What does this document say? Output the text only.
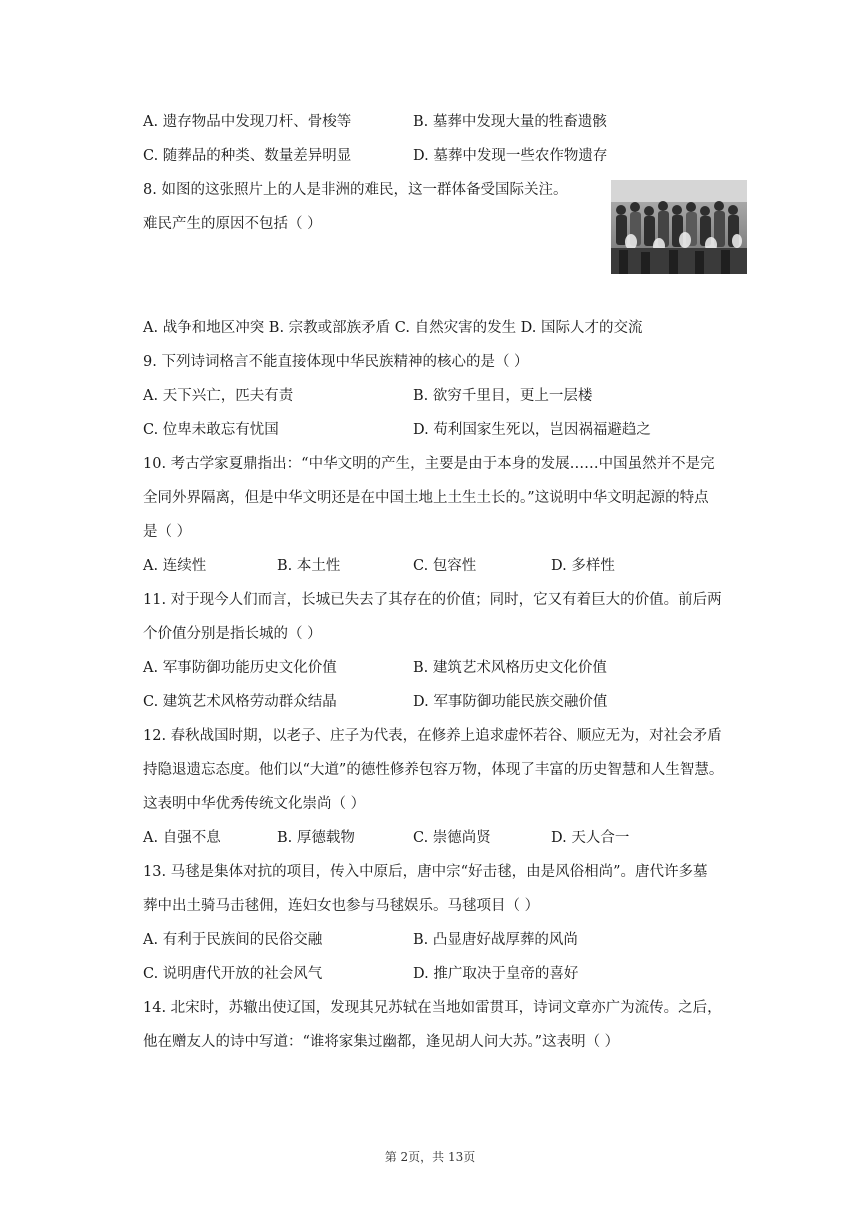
A. 遗存物品中发现刀杆、骨梭等	B. 墓葬中发现大量的牲畜遗骸
C. 随葬品的种类、数量差异明显	D. 墓葬中发现一些农作物遗存
8. 如图的这张照片上的人是非洲的难民，这一群体备受国际关注。
难民产生的原因不包括（ ）
A. 战争和地区冲突 B. 宗教或部族矛盾 C. 自然灾害的发生 D. 国际人才的交流
9. 下列诗词格言不能直接体现中华民族精神的核心的是（ ）
A. 天下兴亡，匹夫有责	B. 欲穷千里目，更上一层楼
C. 位卑未敢忘有忧国	D. 苟利国家生死以，岂因祸福避趋之
10. 考古学家夏鼎指出：“中华文明的产生，主要是由于本身的发展……中国虽然并不是完
全同外界隔离，但是中华文明还是在中国土地上土生土长的。”这说明中华文明起源的特点
是（ ）
A. 连续性	B. 本土性	C. 包容性	D. 多样性
11. 对于现今人们而言，长城已失去了其存在的价值；同时，它又有着巨大的价值。前后两
个价值分别是指长城的（ ）
A. 军事防御功能历史文化价值	B. 建筑艺术风格历史文化价值
C. 建筑艺术风格劳动群众结晶	D. 军事防御功能民族交融价值
12. 春秋战国时期，以老子、庄子为代表，在修养上追求虚怀若谷、顺应无为，对社会矛盾
持隐退遗忘态度。他们以“大道”的德性修养包容万物，体现了丰富的历史智慧和人生智慧。
这表明中华优秀传统文化崇尚（ ）
A. 自强不息	B. 厚德载物	C. 崇德尚贤	D. 天人合一
13. 马毬是集体对抗的项目，传入中原后，唐中宗“好击毬，由是风俗相尚”。唐代许多墓
葬中出土骑马击毬佣，连妇女也参与马毬娱乐。马毬项目（ ）
A. 有利于民族间的民俗交融	B. 凸显唐好战厚葬的风尚
C. 说明唐代开放的社会风气	D. 推广取决于皇帝的喜好
14. 北宋时，苏辙出使辽国，发现其兄苏轼在当地如雷贯耳，诗词文章亦广为流传。之后，
他在赠友人的诗中写道：“谁将家集过幽都，逢见胡人问大苏。”这表明（ ）
第 2页，共 13页
